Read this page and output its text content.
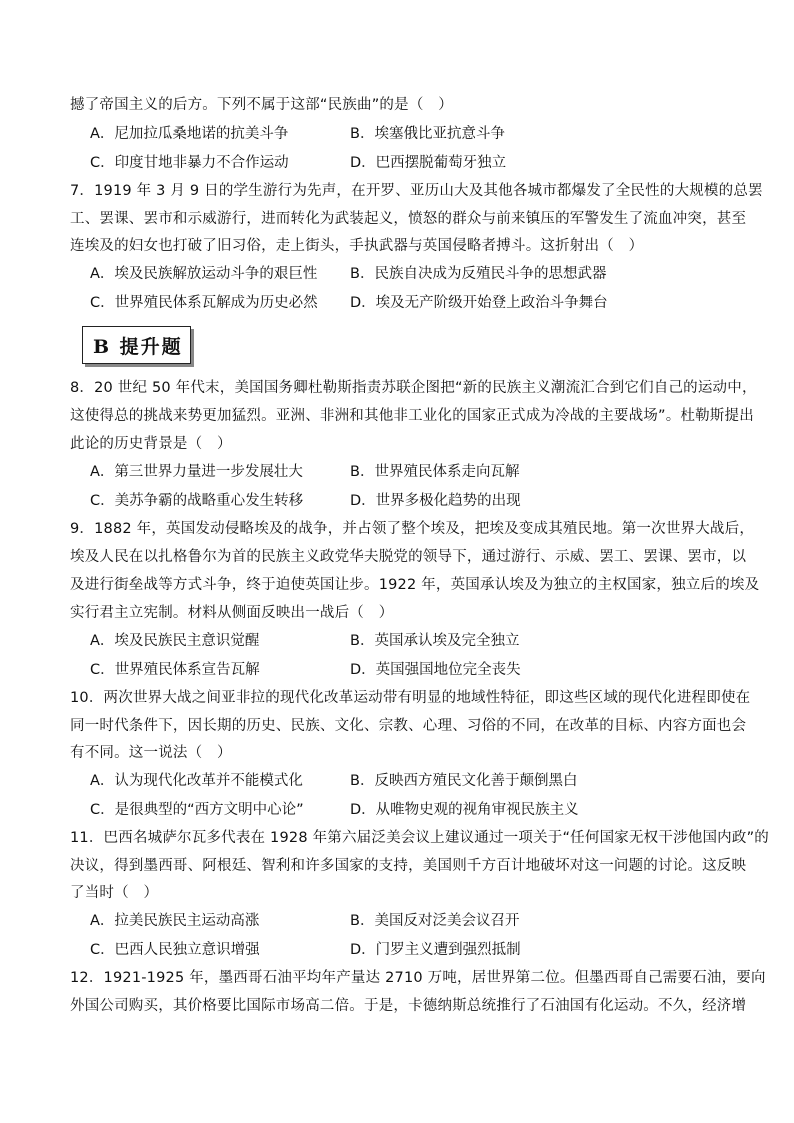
撼了帝国主义的后方。下列不属于这部“民族曲”的是（　）
A．尼加拉瓜桑地诺的抗美斗争	B．埃塞俄比亚抗意斗争
C．印度甘地非暴力不合作运动	D．巴西摆脱葡萄牙独立
7．1919 年 3 月 9 日的学生游行为先声，在开罗、亚历山大及其他各城市都爆发了全民性的大规模的总罢
工、罢课、罢市和示威游行，进而转化为武装起义，愤怒的群众与前来镇压的军警发生了流血冲突，甚至
连埃及的妇女也打破了旧习俗，走上街头，手执武器与英国侵略者搏斗。这折射出（　）
A．埃及民族解放运动斗争的艰巨性 B．民族自决成为反殖民斗争的思想武器
C．世界殖民体系瓦解成为历史必然 D．埃及无产阶级开始登上政治斗争舞台
B 提升题
8．20 世纪 50 年代末，美国国务卿杜勒斯指责苏联企图把“新的民族主义潮流汇合到它们自己的运动中，
这使得总的挑战来势更加猛烈。亚洲、非洲和其他非工业化的国家正式成为冷战的主要战场”。杜勒斯提出
此论的历史背景是（　）
A．第三世界力量进一步发展壮大	B．世界殖民体系走向瓦解
C．美苏争霸的战略重心发生转移	D．世界多极化趋势的出现
9．1882 年，英国发动侵略埃及的战争，并占领了整个埃及，把埃及变成其殖民地。第一次世界大战后，
埃及人民在以扎格鲁尔为首的民族主义政党华夫脱党的领导下，通过游行、示威、罢工、罢课、罢市，以
及进行街垒战等方式斗争，终于迫使英国让步。1922 年，英国承认埃及为独立的主权国家，独立后的埃及
实行君主立宪制。材料从侧面反映出一战后（　）
A．埃及民族民主意识觉醒	B．英国承认埃及完全独立
C．世界殖民体系宣告瓦解	D．英国强国地位完全丧失
10．两次世界大战之间亚非拉的现代化改革运动带有明显的地域性特征，即这些区域的现代化进程即使在
同一时代条件下，因长期的历史、民族、文化、宗教、心理、习俗的不同，在改革的目标、内容方面也会
有不同。这一说法（　）
A．认为现代化改革并不能模式化	B．反映西方殖民文化善于颠倒黑白
C．是很典型的“西方文明中心论”	D．从唯物史观的视角审视民族主义
11．巴西名城萨尔瓦多代表在 1928 年第六届泛美会议上建议通过一项关于“任何国家无权干涉他国内政”的
决议，得到墨西哥、阿根廷、智利和许多国家的支持，美国则千方百计地破坏对这一问题的讨论。这反映
了当时（　）
A．拉美民族民主运动高涨	B．美国反对泛美会议召开
C．巴西人民独立意识增强	D．门罗主义遭到强烈抵制
12．1921-1925 年，墨西哥石油平均年产量达 2710 万吨，居世界第二位。但墨西哥自己需要石油，要向
外国公司购买，其价格要比国际市场高二倍。于是，卡德纳斯总统推行了石油国有化运动。不久，经济增
